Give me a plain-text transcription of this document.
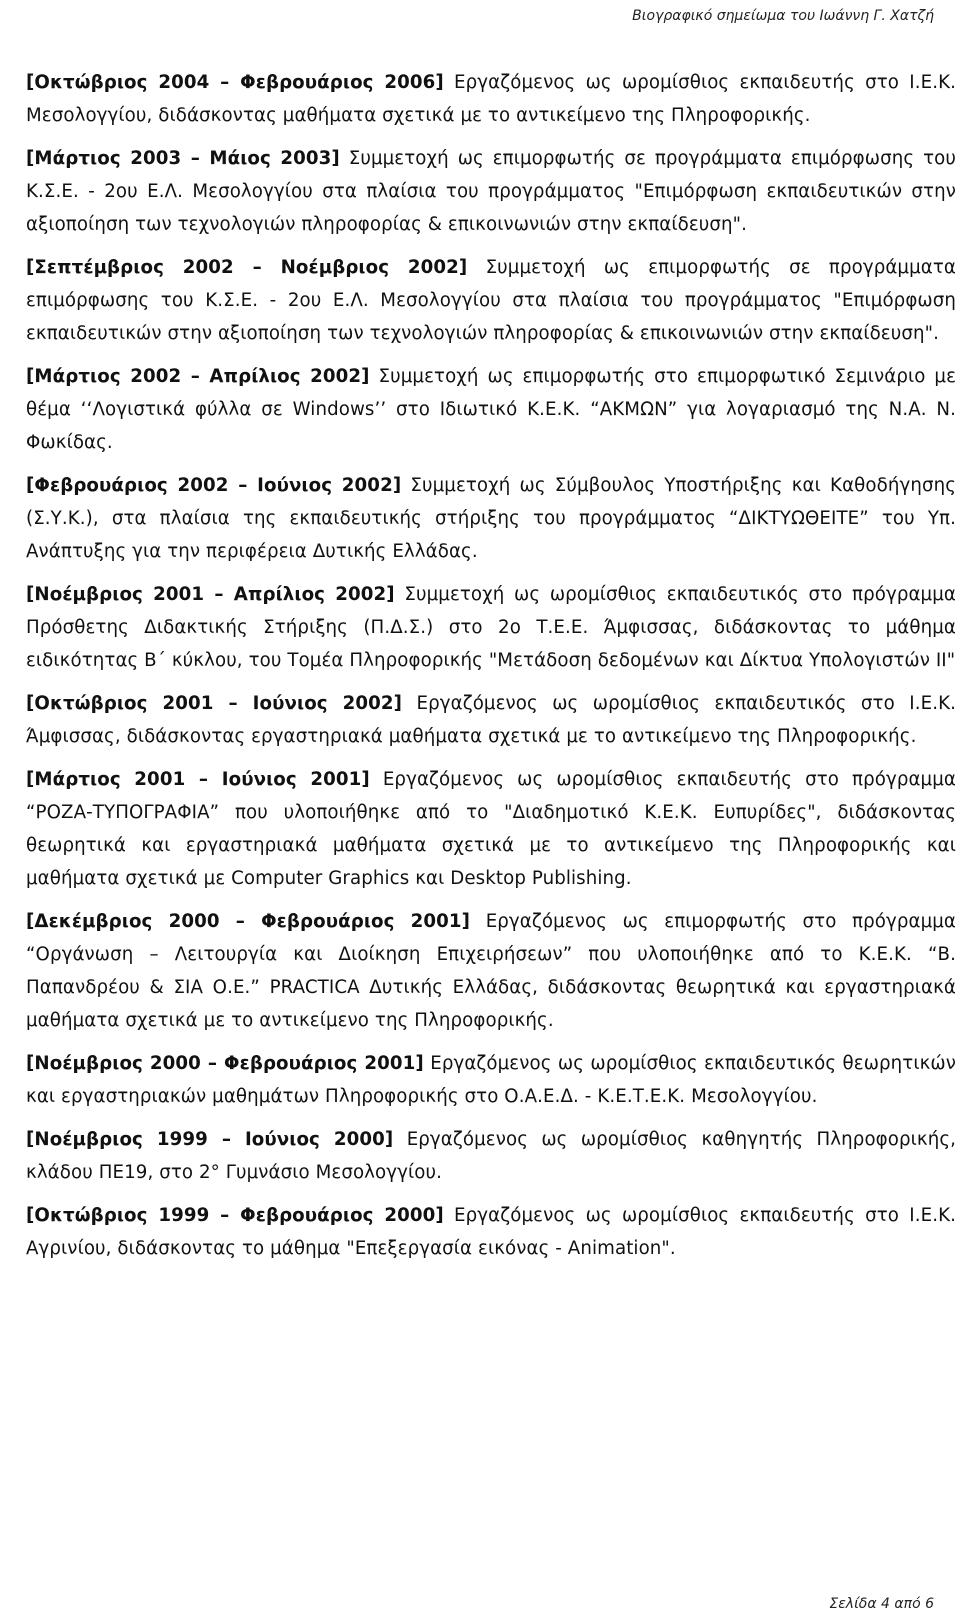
Βιογραφικό σημείωμα του Ιωάννη Γ. Χατζή

[Οκτώβριος 2004 – Φεβρουάριος 2006] Εργαζόμενος ως ωρομίσθιος εκπαιδευτής στο Ι.Ε.Κ. Μεσολογγίου, διδάσκοντας μαθήματα σχετικά με το αντικείμενο της Πληροφορικής.

[Μάρτιος 2003 – Μάιος 2003] Συμμετοχή ως επιμορφωτής σε προγράμματα επιμόρφωσης του Κ.Σ.Ε. - 2ου Ε.Λ. Μεσολογγίου στα πλαίσια του προγράμματος "Επιμόρφωση εκπαιδευτικών στην αξιοποίηση των τεχνολογιών πληροφορίας & επικοινωνιών στην εκπαίδευση".

[Σεπτέμβριος 2002 – Νοέμβριος 2002] Συμμετοχή ως επιμορφωτής σε προγράμματα επιμόρφωσης του Κ.Σ.Ε. - 2ου Ε.Λ. Μεσολογγίου στα πλαίσια του προγράμματος "Επιμόρφωση εκπαιδευτικών στην αξιοποίηση των τεχνολογιών πληροφορίας & επικοινωνιών στην εκπαίδευση".

[Μάρτιος 2002 – Απρίλιος 2002] Συμμετοχή ως επιμορφωτής στο επιμορφωτικό Σεμινάριο με θέμα ‘‘Λογιστικά φύλλα σε Windows’’ στο Ιδιωτικό Κ.Ε.Κ. “ΑΚΜΩΝ” για λογαριασμό της Ν.Α. Ν. Φωκίδας.

[Φεβρουάριος 2002 – Ιούνιος 2002] Συμμετοχή ως Σύμβουλος Υποστήριξης και Καθοδήγησης (Σ.Υ.Κ.), στα πλαίσια της εκπαιδευτικής στήριξης του προγράμματος “ΔΙΚΤΥΩΘΕΙΤΕ” του Υπ. Ανάπτυξης για την περιφέρεια Δυτικής Ελλάδας.

[Νοέμβριος 2001 – Απρίλιος 2002] Συμμετοχή ως ωρομίσθιος εκπαιδευτικός στο πρόγραμμα Πρόσθετης Διδακτικής Στήριξης (Π.Δ.Σ.) στο 2ο Τ.Ε.Ε. Άμφισσας, διδάσκοντας το μάθημα ειδικότητας Β΄ κύκλου, του Τομέα Πληροφορικής "Μετάδοση δεδομένων και Δίκτυα Υπολογιστών ΙΙ"

[Οκτώβριος 2001 – Ιούνιος 2002] Εργαζόμενος ως ωρομίσθιος εκπαιδευτικός στο Ι.Ε.Κ. Άμφισσας, διδάσκοντας εργαστηριακά μαθήματα σχετικά με το αντικείμενο της Πληροφορικής.

[Μάρτιος 2001 – Ιούνιος 2001] Εργαζόμενος ως ωρομίσθιος εκπαιδευτής στο πρόγραμμα “ΡΟΖΑ-ΤΥΠΟΓΡΑΦΙΑ” που υλοποιήθηκε από το "Διαδημοτικό Κ.Ε.Κ. Ευπυρίδες", διδάσκοντας θεωρητικά και εργαστηριακά μαθήματα σχετικά με το αντικείμενο της Πληροφορικής και μαθήματα σχετικά με Computer Graphics και Desktop Publishing.

[Δεκέμβριος 2000 – Φεβρουάριος 2001] Εργαζόμενος ως επιμορφωτής στο πρόγραμμα “Οργάνωση – Λειτουργία και Διοίκηση Επιχειρήσεων” που υλοποιήθηκε από το Κ.Ε.Κ. “Β. Παπανδρέου & ΣΙΑ Ο.Ε.” PRACTICA Δυτικής Ελλάδας, διδάσκοντας θεωρητικά και εργαστηριακά μαθήματα σχετικά με το αντικείμενο της Πληροφορικής.

[Νοέμβριος 2000 – Φεβρουάριος 2001] Εργαζόμενος ως ωρομίσθιος εκπαιδευτικός θεωρητικών και εργαστηριακών μαθημάτων Πληροφορικής στο Ο.Α.Ε.Δ. - Κ.Ε.Τ.Ε.Κ. Μεσολογγίου.

[Νοέμβριος 1999 – Ιούνιος 2000] Εργαζόμενος ως ωρομίσθιος καθηγητής Πληροφορικής, κλάδου ΠΕ19, στο 2° Γυμνάσιο Μεσολογγίου.

[Οκτώβριος 1999 – Φεβρουάριος 2000] Εργαζόμενος ως ωρομίσθιος εκπαιδευτής στο Ι.Ε.Κ. Αγρινίου, διδάσκοντας το μάθημα "Επεξεργασία εικόνας - Animation".

Σελίδα 4 από 6
